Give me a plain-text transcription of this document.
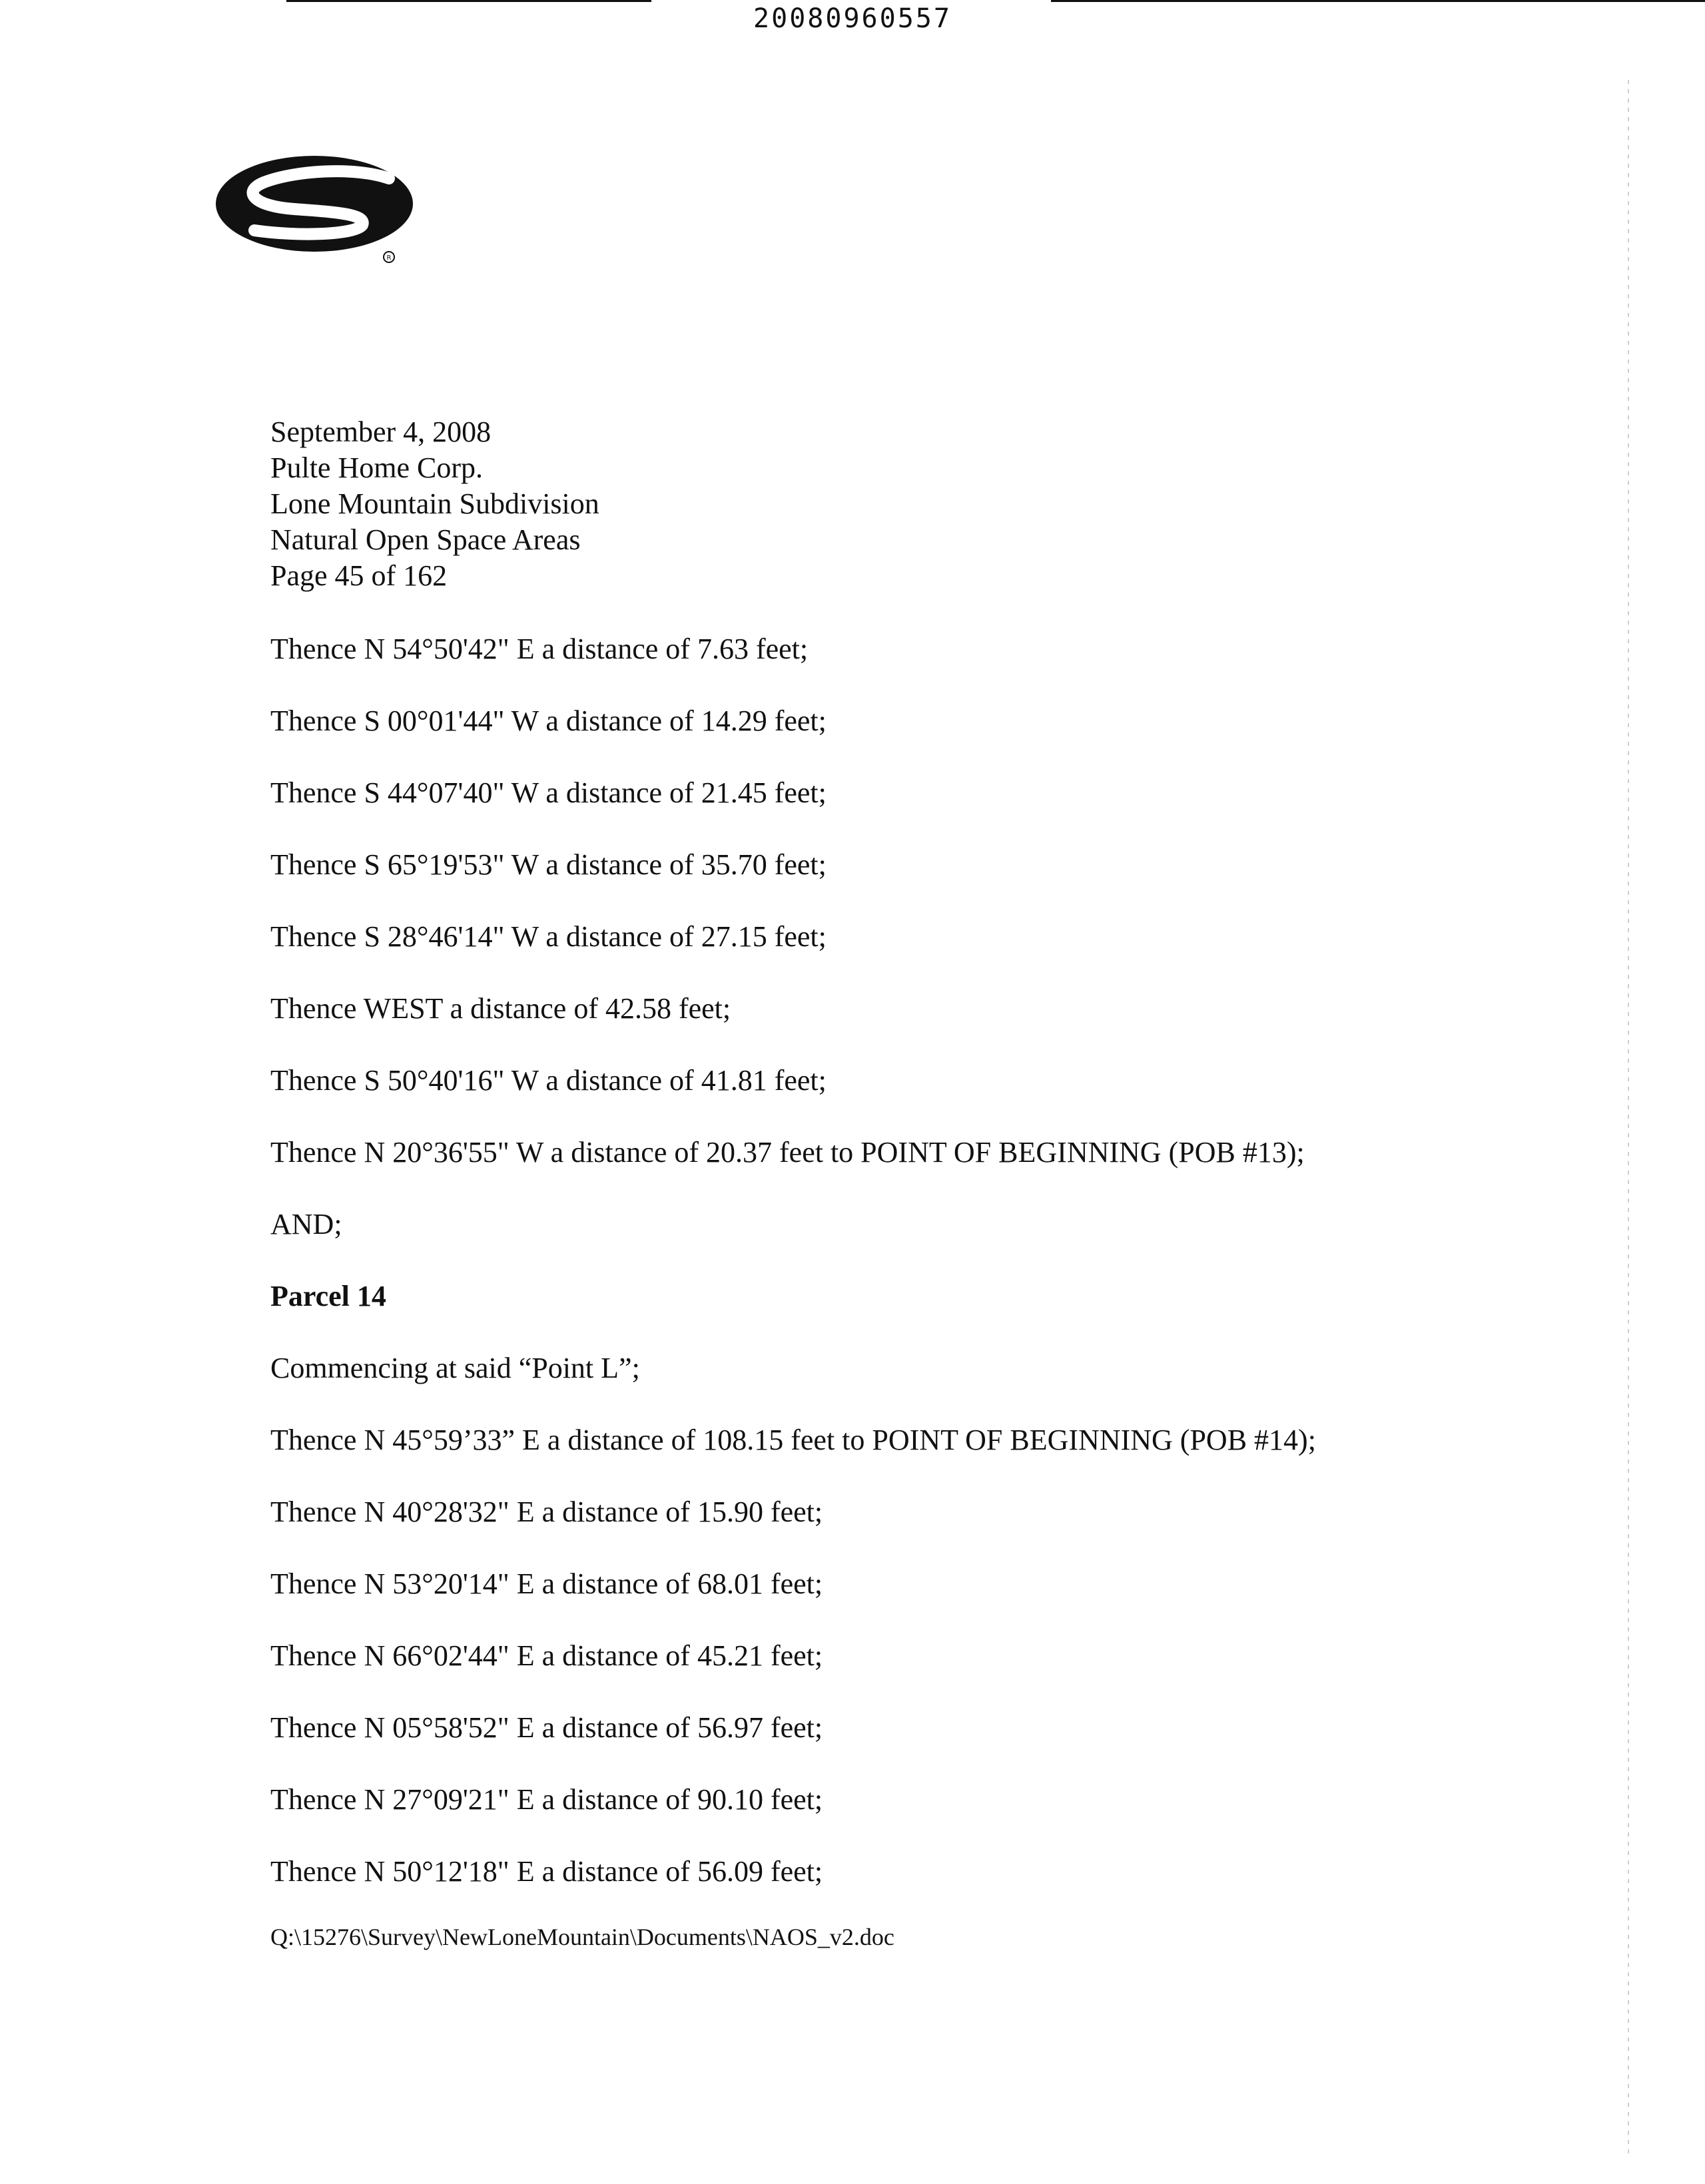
20080960557
R
September 4, 2008
Pulte Home Corp.
Lone Mountain Subdivision
Natural Open Space Areas
Page 45 of 162
Thence N 54°50'42" E a distance of 7.63 feet;
Thence S 00°01'44" W a distance of 14.29 feet;
Thence S 44°07'40" W a distance of 21.45 feet;
Thence S 65°19'53" W a distance of 35.70 feet;
Thence S 28°46'14" W a distance of 27.15 feet;
Thence WEST a distance of 42.58 feet;
Thence S 50°40'16" W a distance of 41.81 feet;
Thence N 20°36'55" W a distance of 20.37 feet to POINT OF BEGINNING (POB #13);
AND;
Parcel 14
Commencing at said “Point L”;
Thence N 45°59’33” E a distance of 108.15 feet to POINT OF BEGINNING (POB #14);
Thence N 40°28'32" E a distance of 15.90 feet;
Thence N 53°20'14" E a distance of 68.01 feet;
Thence N 66°02'44" E a distance of 45.21 feet;
Thence N 05°58'52" E a distance of 56.97 feet;
Thence N 27°09'21" E a distance of 90.10 feet;
Thence N 50°12'18" E a distance of 56.09 feet;
Q:\15276\Survey\NewLoneMountain\Documents\NAOS_v2.doc
